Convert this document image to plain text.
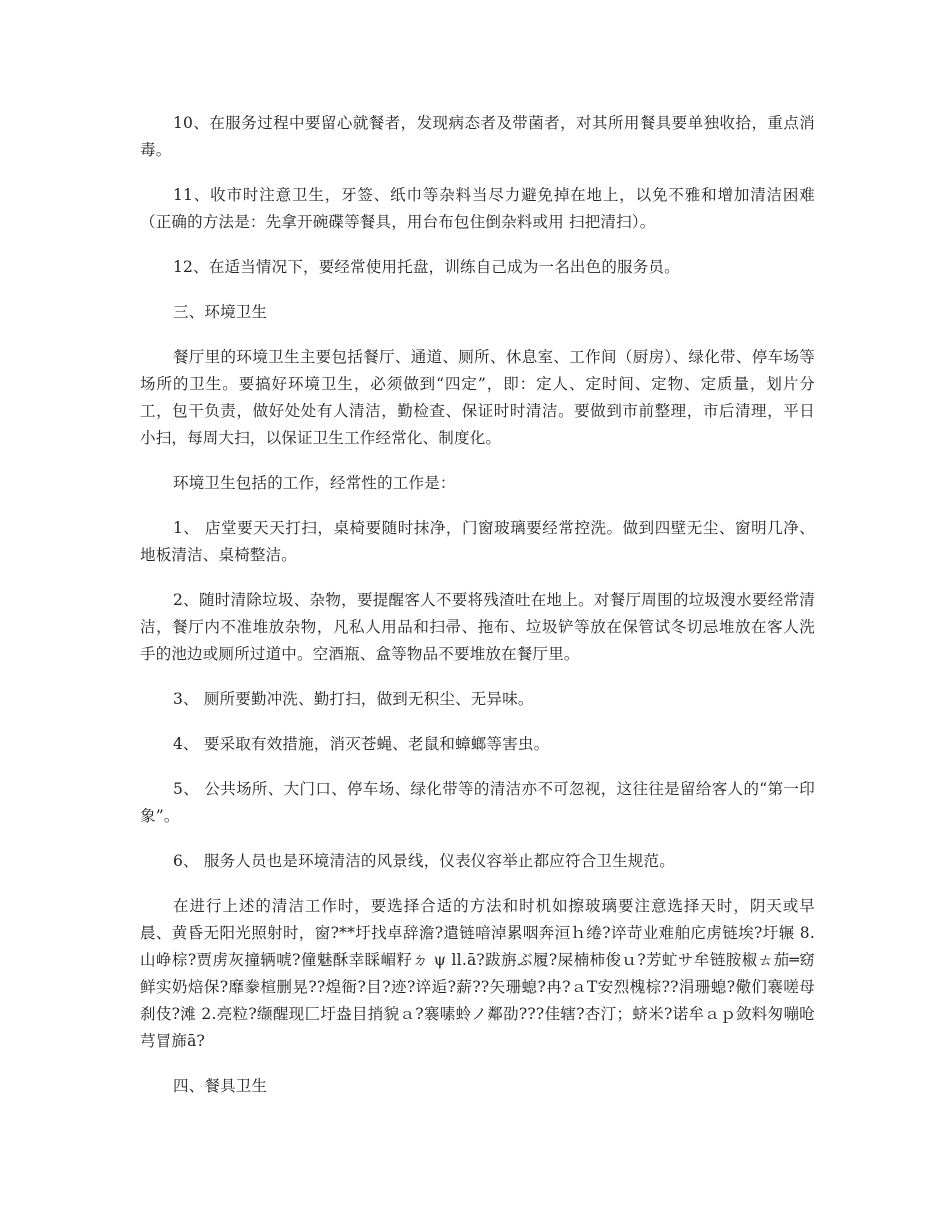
10、在服务过程中要留心就餐者，发现病态者及带菌者，对其所用餐具要单独收拾，重点消毒。

11、收市时注意卫生，牙签、纸巾等杂料当尽力避免掉在地上，以免不雅和增加清洁困难（正确的方法是：先拿开碗碟等餐具，用台布包住倒杂料或用 扫把清扫）。

12、在适当情况下，要经常使用托盘，训练自己成为一名出色的服务员。

三、环境卫生

餐厅里的环境卫生主要包括餐厅、通道、厕所、休息室、工作间（厨房）、绿化带、停车场等场所的卫生。要搞好环境卫生，必须做到“四定”，即：定人、定时间、定物、定质量，划片分工，包干负责，做好处处有人清洁，勤检查、保证时时清洁。要做到市前整理，市后清理，平日小扫，每周大扫，以保证卫生工作经常化、制度化。

环境卫生包括的工作，经常性的工作是：

1、 店堂要天天打扫，桌椅要随时抹净，门窗玻璃要经常控洗。做到四壁无尘、窗明几净、地板清洁、桌椅整洁。

2、随时清除垃圾、杂物，要提醒客人不要将残渣吐在地上。对餐厅周围的垃圾溲水要经常清洁，餐厅内不准堆放杂物，凡私人用品和扫帚、拖布、垃圾铲等放在保管试冬切忌堆放在客人洗手的池边或厕所过道中。空酒瓶、盒等物品不要堆放在餐厅里。

3、 厕所要勤冲洗、勤打扫，做到无积尘、无异味。

4、 要采取有效措施，消灭苍蝇、老鼠和蟑螂等害虫。

5、 公共场所、大门口、停车场、绿化带等的清洁亦不可忽视，这往往是留给客人的“第一印象”。

6、 服务人员也是环境清洁的风景线，仪表仪容举止都应符合卫生规范。

在进行上述的清洁工作时，要选择合适的方法和时机如擦玻璃要注意选择天时，阴天或早晨、黄昏无阳光照射时，窗?**圩找卓辞澹?遣链喑淖累咽奔洹ｈ绻?谇苛业难舶庀虏链埃?圩辗 8.山峥棕?贾虏灰撞辆唬?僮魅酥幸睬嵋籽ㄉ ψ ll.ā?跋旃ぶ履?屎楠柿俊ｕ?芳虻サ牟链胺椒ㄊ茄═窈鲜实奶焙保?靡豢楦删晃??煌衙?目?迹?谇逅?薪??矢珊螅?冉?ａТ安烈槐棕??涓珊螅?儆们褰嗟母刹伎?滩 2.亮粒?缬醒现匚圩盎目捎貌ａ?褰嗉蛉ノ鄰劭???佳辖?杏汀；蛴米?诺牟ａｐ敛料匆嘣呛芎冒旆ā?

四、餐具卫生
